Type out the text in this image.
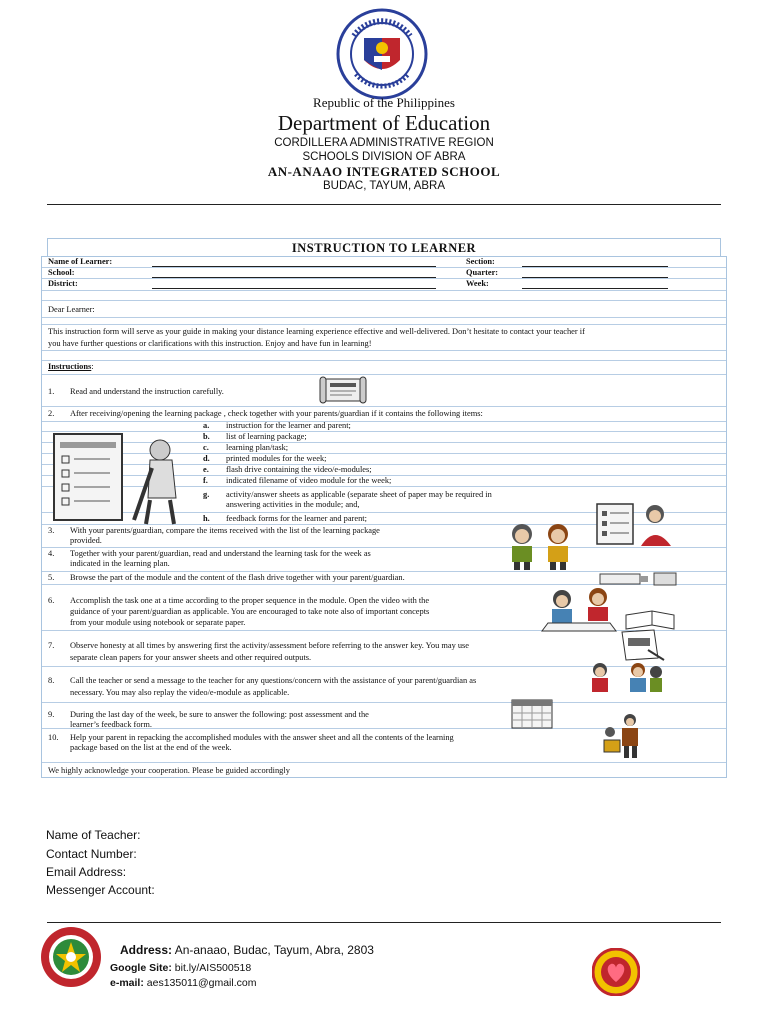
Republic of the Philippines
Department of Education
CORDILLERA ADMINISTRATIVE REGION
SCHOOLS DIVISION OF ABRA
AN-ANAAO INTEGRATED SCHOOL
BUDAC, TAYUM, ABRA
INSTRUCTION TO LEARNER
Name of Learner:	Section:
School:	Quarter:
District:	Week:
Dear Learner:
This instruction form will serve as your guide in making your distance learning experience effective and well-delivered. Don’t hesitate to contact your teacher if
you have further questions or clarifications with this instruction. Enjoy and have fun in learning!
Instructions:
1. Read and understand the instruction carefully.
2. After receiving/opening the learning package , check together with your parents/guardian if it contains the following items:
a. instruction for the learner and parent;
b. list of learning package;
c. learning plan/task;
d. printed modules for the week;
e. flash drive containing the video/e-modules;
f. indicated filename of video module for the week;
g. activity/answer sheets as applicable (separate sheet of paper may be required in
answering activities in the module; and,
h. feedback forms for the learner and parent;
3. With your parents/guardian, compare the items received with the list of the learning package
provided.
4. Together with your parent/guardian, read and understand the learning task for the week as
indicated in the learning plan.
5. Browse the part of the module and the content of the flash drive together with your parent/guardian.
6. Accomplish the task one at a time according to the proper sequence in the module. Open the video with the
guidance of your parent/guardian as applicable. You are encouraged to take note also of important concepts
from your module using notebook or separate paper.
7. Observe honesty at all times by answering first the activity/assessment before referring to the answer key. You may use
separate clean papers for your answer sheets and other required outputs.
8. Call the teacher or send a message to the teacher for any questions/concern with the assistance of your parent/guardian as
necessary. You may also replay the video/e-module as applicable.
9. During the last day of the week, be sure to answer the following: post assessment and the
learner’s feedback form.
10. Help your parent in repacking the accomplished modules with the answer sheet and all the contents of the learning
package based on the list at the end of the week.
We highly acknowledge your cooperation. Please be guided accordingly
Name of Teacher:
Contact Number:
Email Address:
Messenger Account:
Address: An-anaao, Budac, Tayum, Abra, 2803
Google Site: bit.ly/AIS500518
e-mail: aes135011@gmail.com
